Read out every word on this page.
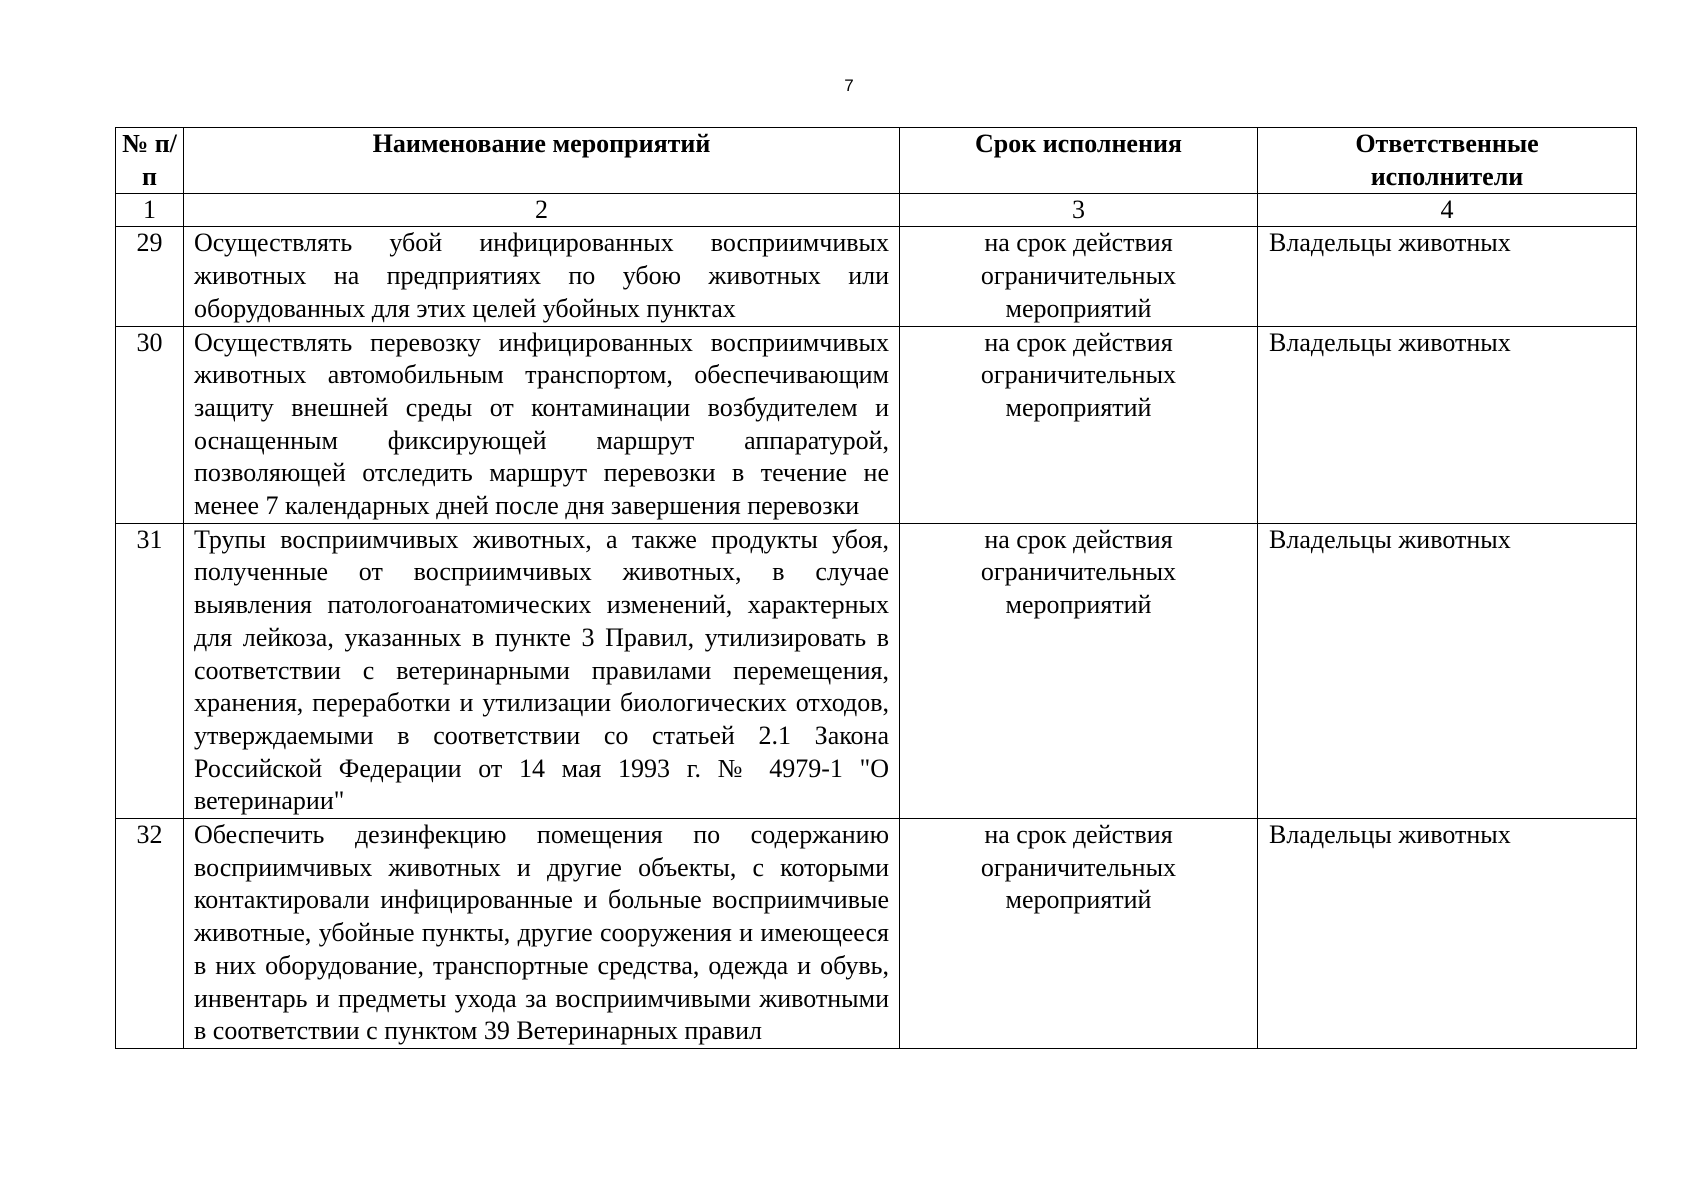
7
№ п/п	Наименование мероприятий	Срок исполнения	Ответственные исполнители

1	2	3	4
29	Осуществлять убой инфицированных восприимчивых животных на предприятиях по убою животных или оборудованных для этих целей убойных пунктах	на срок действия ограничительных мероприятий	Владельцы животных
30	Осуществлять перевозку инфицированных восприимчивых животных автомобильным транспортом, обеспечивающим защиту внешней среды от контаминации возбудителем и оснащенным фиксирующей маршрут аппаратурой, позволяющей отследить маршрут перевозки в течение не менее 7 календарных дней после дня завершения перевозки	на срок действия ограничительных мероприятий	Владельцы животных
31	Трупы восприимчивых животных, а также продукты убоя, полученные от восприимчивых животных, в случае выявления патологоанатомических изменений, характерных для лейкоза, указанных в пункте 3 Правил, утилизировать в соответствии с ветеринарными правилами перемещения, хранения, переработки и утилизации биологических отходов, утверждаемыми в соответствии со статьей 2.1 Закона Российской Федерации от 14 мая 1993 г. № 4979-1 "О ветеринарии"	на срок действия ограничительных мероприятий	Владельцы животных
32	Обеспечить дезинфекцию помещения по содержанию восприимчивых животных и другие объекты, с которыми контактировали инфицированные и больные восприимчивые животные, убойные пункты, другие сооружения и имеющееся в них оборудование, транспортные средства, одежда и обувь, инвентарь и предметы ухода за восприимчивыми животными в соответствии с пунктом 39 Ветеринарных правил	на срок действия ограничительных мероприятий	Владельцы животных
